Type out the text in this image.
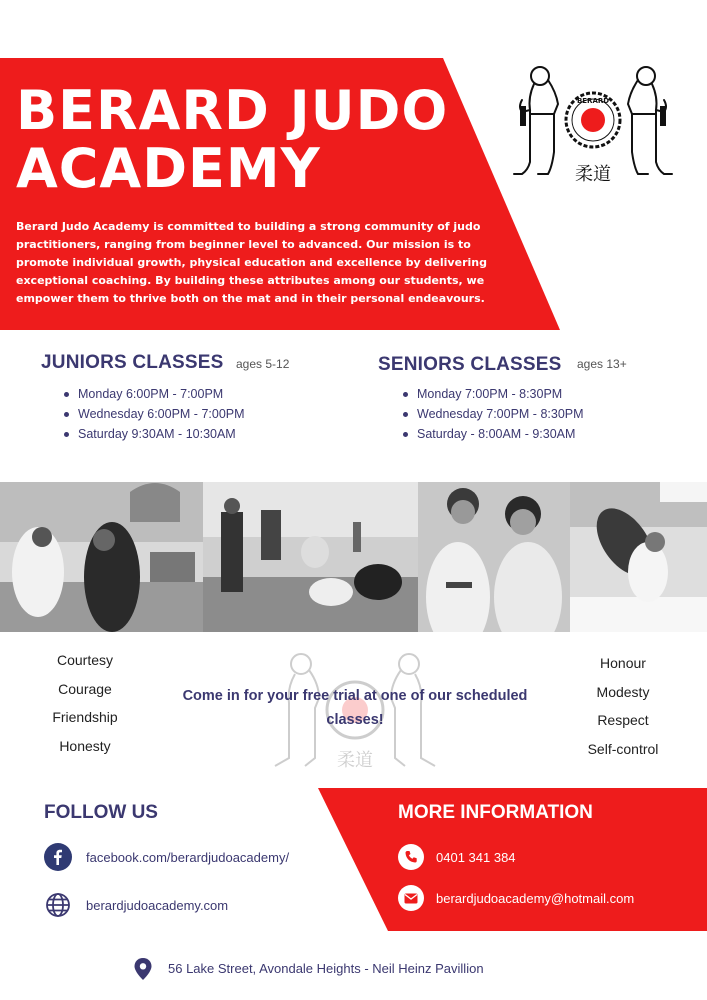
BERARD JUDO
ACADEMY
Berard Judo Academy is committed to building a strong community of judo practitioners, ranging from beginner level to advanced. Our mission is to promote individual growth, physical education and excellence by delivering exceptional coaching. By building these attributes among our students, we empower them to thrive both on the mat and in their personal endeavours.
BERARD
柔道
JUNIORS CLASSES ages 5-12
Monday 6:00PM - 7:00PM
Wednesday 6:00PM - 7:00PM
Saturday 9:30AM - 10:30AM
SENIORS CLASSES ages 13+
Monday 7:00PM - 8:30PM
Wednesday 7:00PM - 8:30PM
Saturday - 8:00AM - 9:30AM
柔道
Courtesy
Courage
Friendship
Honesty
Honour
Modesty
Respect
Self-control
Come in for your free trial at one of our scheduled classes!
FOLLOW US
facebook.com/berardjudoacademy/
berardjudoacademy.com
MORE INFORMATION
0401 341 384
berardjudoacademy@hotmail.com
56 Lake Street, Avondale Heights - Neil Heinz Pavillion
